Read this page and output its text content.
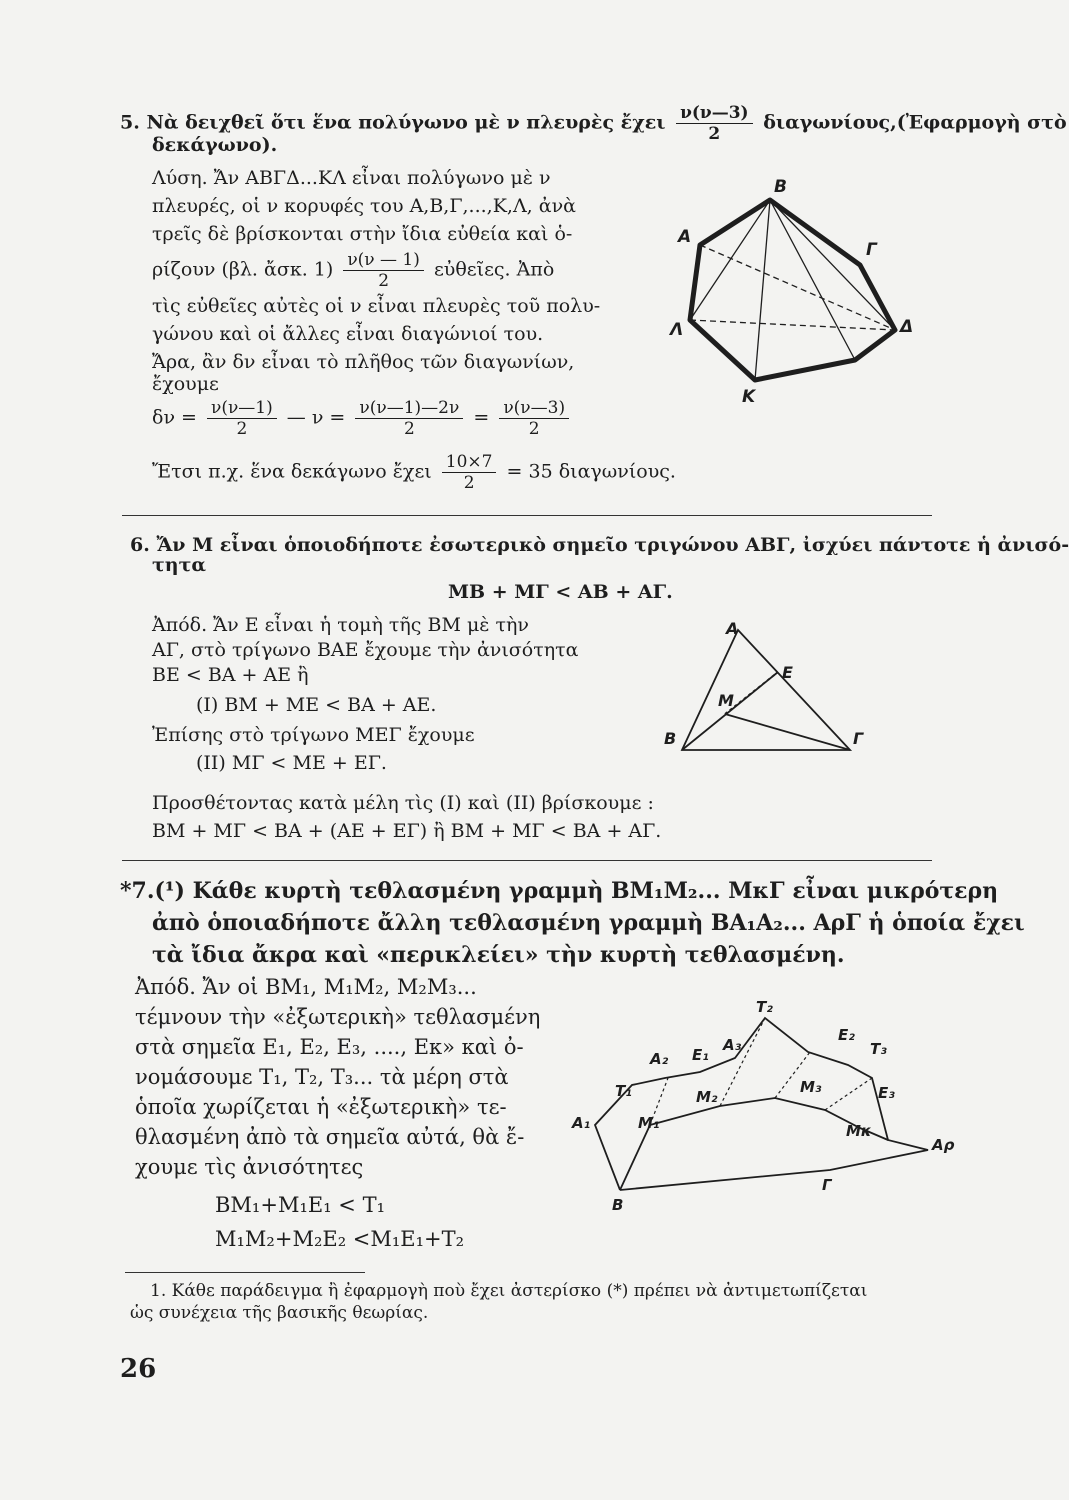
5. Νὰ δειχθεῖ ὅτι ἕνα πολύγωνο μὲ ν πλευρὲς ἔχει $\frac{\nu(\nu—3)}{2}$ διαγωνίους,(Ἐφαρμογὴ στὸ
δεκάγωνο).
Λύση. Ἄν ΑΒΓΔ...ΚΛ εἶναι πολύγωνο μὲ ν
πλευρές, οἱ ν κορυφές του Α,Β,Γ,...,Κ,Λ, ἀνὰ
τρεῖς δὲ βρίσκονται στὴν ἴδια εὐθεία καὶ ὁ-
ρίζουν (βλ. ἄσκ. $1) \frac{\nu(\nu — 1)}{2}$ εὐθεῖες. Ἀπὸ
τὶς εὐθεῖες αὐτὲς οἱ ν εἶναι πλευρὲς τοῦ πολυ-
γώνου καὶ οἱ ἄλλες εἶναι διαγώνιοί του.
Ἄρα, ἂν δν εἶναι τὸ πλῆθος τῶν διαγωνίων,
ἔχουμε
$\delta\nu = \frac{\nu(\nu—1)}{2}$ — $\nu = \frac{\nu(\nu—1)—2\nu}{2} = \frac{\nu(\nu—3)}{2}$
Ἔτσι π.χ. ἕνα δεκάγωνο ἔχει $\frac{10\times 7}{2} = 35$ διαγωνίους.
Β
Α
Γ
Λ	Δ
Κ
6. Ἄν Μ εἶναι ὁποιοδήποτε ἐσωτερικὸ σημεῖο τριγώνου ΑΒΓ, ἰσχύει πάντοτε ἡ ἀνισό-
τητα
ΜΒ + ΜΓ < ΑΒ + ΑΓ.
Ἀπόδ. Ἄν Ε εἶναι ἡ τομὴ τῆς ΒΜ μὲ τὴν
ΑΓ, στὸ τρίγωνο ΒΑΕ ἔχουμε τὴν ἀνισότητα
ΒΕ < ΒΑ + ΑΕ ἢ
(Ι) ΒΜ + ΜΕ < ΒΑ + ΑΕ.
Ἐπίσης στὸ τρίγωνο ΜΕΓ ἔχουμε
(ΙΙ) ΜΓ < ΜΕ + ΕΓ.
Προσθέτοντας κατὰ μέλη τὶς (Ι) καὶ (ΙΙ) βρίσκουμε :
ΒΜ + ΜΓ < ΒΑ + (ΑΕ + ΕΓ) ἢ ΒΜ + ΜΓ < ΒΑ + ΑΓ.
Α
Ε
Μ
Β	Γ
*7.(¹) Κάθε κυρτὴ τεθλασμένη γραμμὴ ΒΜ₁Μ₂... ΜκΓ εἶναι μικρότερη
ἀπὸ ὁποιαδήποτε ἄλλη τεθλασμένη γραμμὴ ΒΑ₁Α₂... ΑρΓ ἡ ὁποία ἔχει
τὰ ἴδια ἄκρα καὶ «περικλείει» τὴν κυρτὴ τεθλασμένη.
Ἀπόδ. Ἄν οἱ ΒΜ₁, Μ₁Μ₂, Μ₂Μ₃...
τέμνουν τὴν «ἐξωτερικὴ» τεθλασμένη
στὰ σημεῖα Ε₁, Ε₂, Ε₃, ...., Εκ» καὶ ὀ-
νομάσουμε Τ₁, Τ₂, Τ₃... τὰ μέρη στὰ
ὁποῖα χωρίζεται ἡ «ἐξωτερικὴ» τε-
θλασμένη ἀπὸ τὰ σημεῖα αὐτά, θὰ ἔ-
χουμε τὶς ἀνισότητες
ΒΜ₁+Μ₁Ε₁ < Τ₁
Μ₁Μ₂+Μ₂Ε₂ <Μ₁Ε₁+Τ₂
Τ₂
Ε₂
Τ₃
Α₂ Ε₁
Α₃
Τ₁	Μ₂
Μ₃	Ε₃
Α₁	Μ₁	Μκ
Αρ
Β
Γ
1. Κάθε παράδειγμα ἢ ἐφαρμογὴ ποὺ ἔχει ἀστερίσκο (*) πρέπει νὰ ἀντιμετωπίζεται
ὡς συνέχεια τῆς βασικῆς θεωρίας.
26
